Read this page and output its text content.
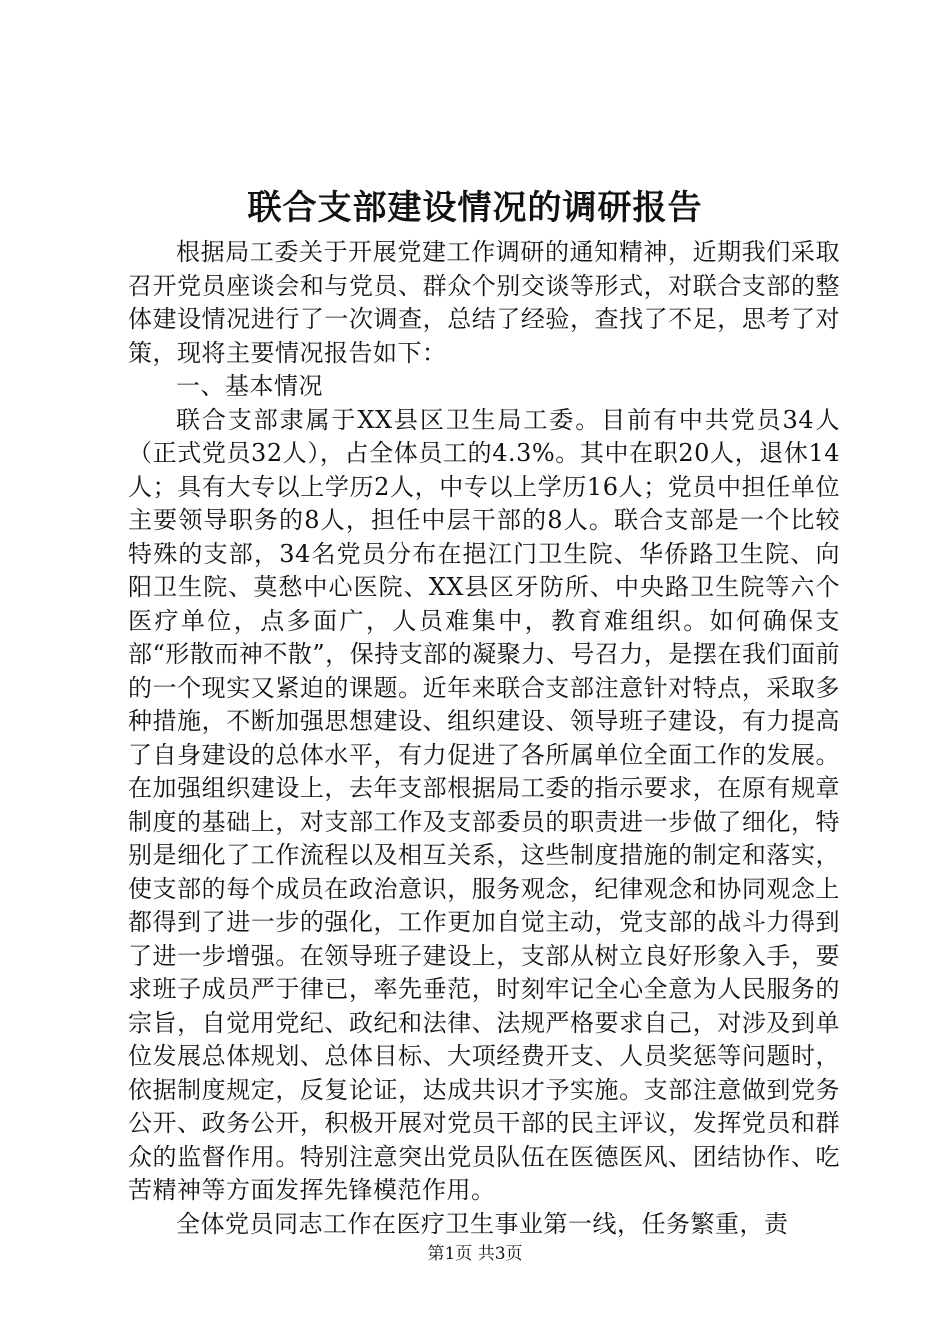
联合支部建设情况的调研报告

根据局工委关于开展党建工作调研的通知精神，近期我们采取召开党员座谈会和与党员、群众个别交谈等形式，对联合支部的整体建设情况进行了一次调查，总结了经验，查找了不足，思考了对策，现将主要情况报告如下：

一、基本情况

联合支部隶属于XX县区卫生局工委。目前有中共党员34人（正式党员32人），占全体员工的4.3%。其中在职20人，退休14人；具有大专以上学历2人，中专以上学历16人；党员中担任单位主要领导职务的8人，担任中层干部的8人。联合支部是一个比较特殊的支部，34名党员分布在挹江门卫生院、华侨路卫生院、向阳卫生院、莫愁中心医院、XX县区牙防所、中央路卫生院等六个医疗单位，点多面广，人员难集中，教育难组织。如何确保支部“形散而神不散”，保持支部的凝聚力、号召力，是摆在我们面前的一个现实又紧迫的课题。近年来联合支部注意针对特点，采取多种措施，不断加强思想建设、组织建设、领导班子建设，有力提高了自身建设的总体水平，有力促进了各所属单位全面工作的发展。在加强组织建设上，去年支部根据局工委的指示要求，在原有规章制度的基础上，对支部工作及支部委员的职责进一步做了细化，特别是细化了工作流程以及相互关系，这些制度措施的制定和落实，使支部的每个成员在政治意识，服务观念，纪律观念和协同观念上都得到了进一步的强化，工作更加自觉主动，党支部的战斗力得到了进一步增强。在领导班子建设上，支部从树立良好形象入手，要求班子成员严于律已，率先垂范，时刻牢记全心全意为人民服务的宗旨，自觉用党纪、政纪和法律、法规严格要求自己，对涉及到单位发展总体规划、总体目标、大项经费开支、人员奖惩等问题时，依据制度规定，反复论证，达成共识才予实施。支部注意做到党务公开、政务公开，积极开展对党员干部的民主评议，发挥党员和群众的监督作用。特别注意突出党员队伍在医德医风、团结协作、吃苦精神等方面发挥先锋模范作用。

全体党员同志工作在医疗卫生事业第一线，任务繁重，责

第1页 共3页
